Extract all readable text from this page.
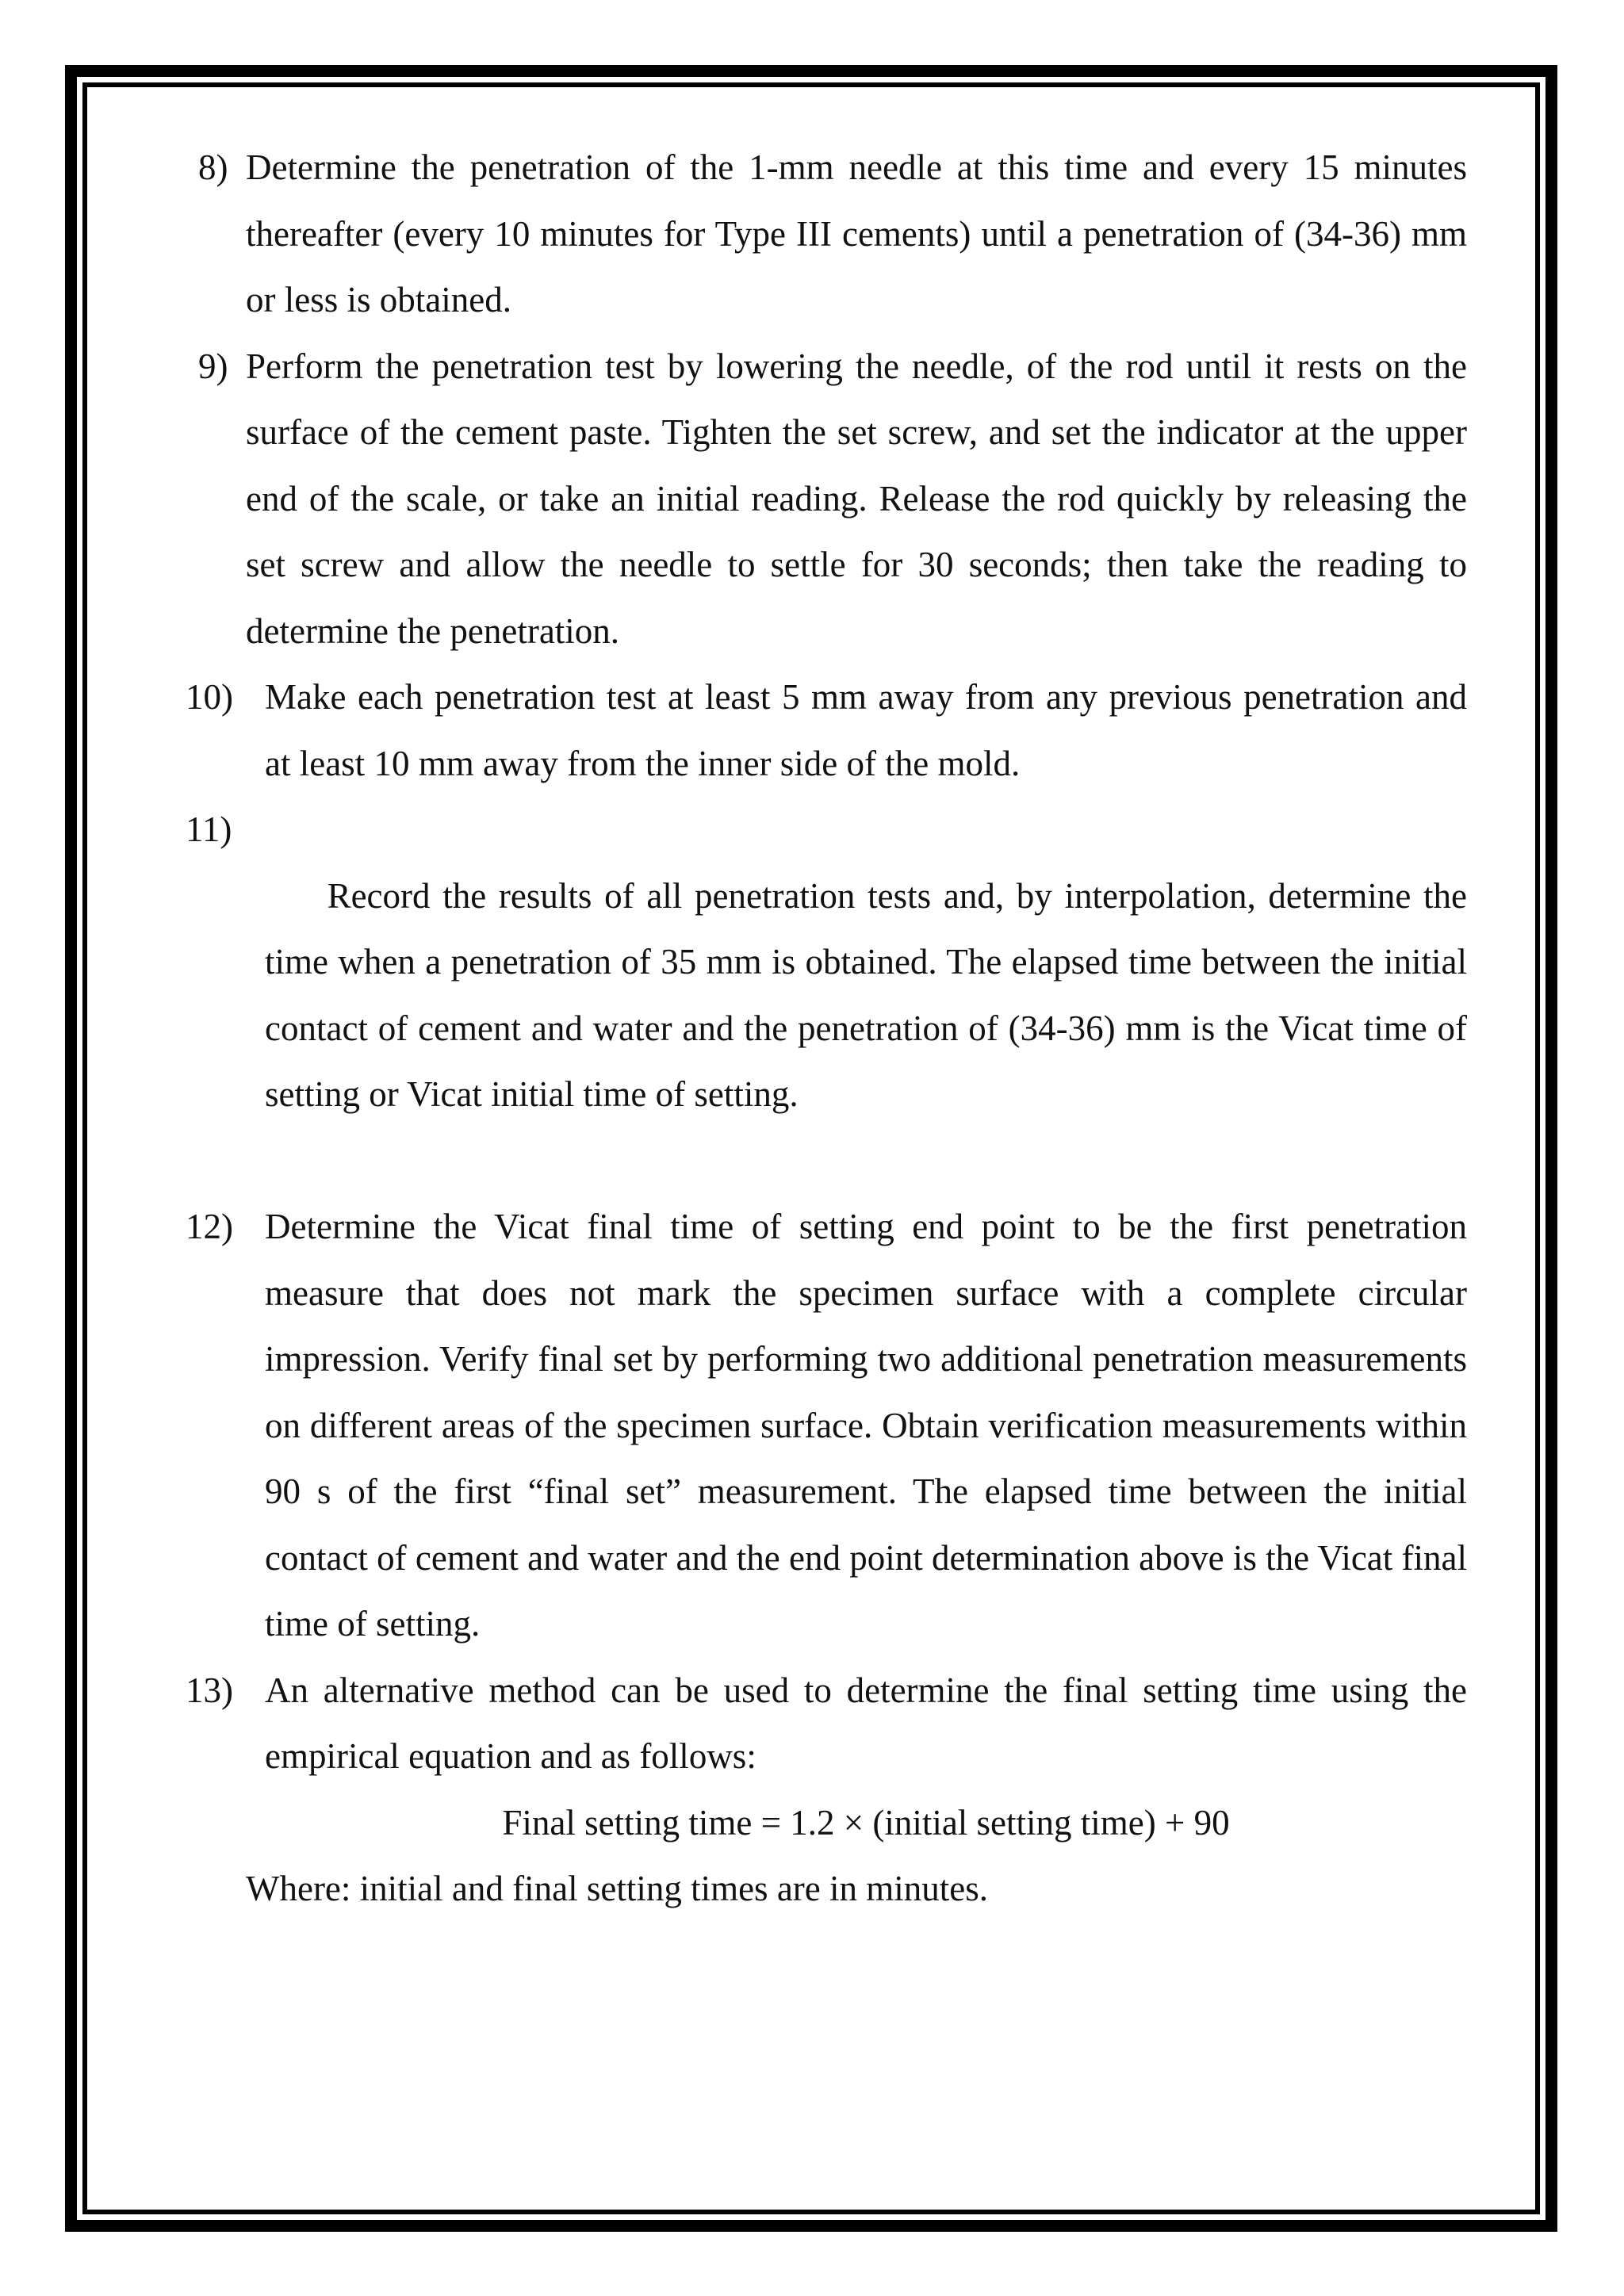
8) Determine the penetration of the 1-mm needle at this time and every 15 minutes thereafter (every 10 minutes for Type III cements) until a penetration of (34-36) mm or less is obtained.

9) Perform the penetration test by lowering the needle, of the rod until it rests on the surface of the cement paste. Tighten the set screw, and set the indicator at the upper end of the scale, or take an initial reading. Release the rod quickly by releasing the set screw and allow the needle to settle for 30 seconds; then take the reading to determine the penetration.

10) Make each penetration test at least 5 mm away from any previous penetration and at least 10 mm away from the inner side of the mold.

11)
Record the results of all penetration tests and, by interpolation, determine the time when a penetration of 35 mm is obtained. The elapsed time between the initial contact of cement and water and the penetration of (34-36) mm is the Vicat time of setting or Vicat initial time of setting.

12) Determine the Vicat final time of setting end point to be the first penetration measure that does not mark the specimen surface with a complete circular impression. Verify final set by performing two additional penetration measurements on different areas of the specimen surface. Obtain verification measurements within 90 s of the first “final set” measurement. The elapsed time between the initial contact of cement and water and the end point determination above is the Vicat final time of setting.

13) An alternative method can be used to determine the final setting time using the empirical equation and as follows:

Final setting time = 1.2 × (initial setting time) + 90

Where: initial and final setting times are in minutes.
